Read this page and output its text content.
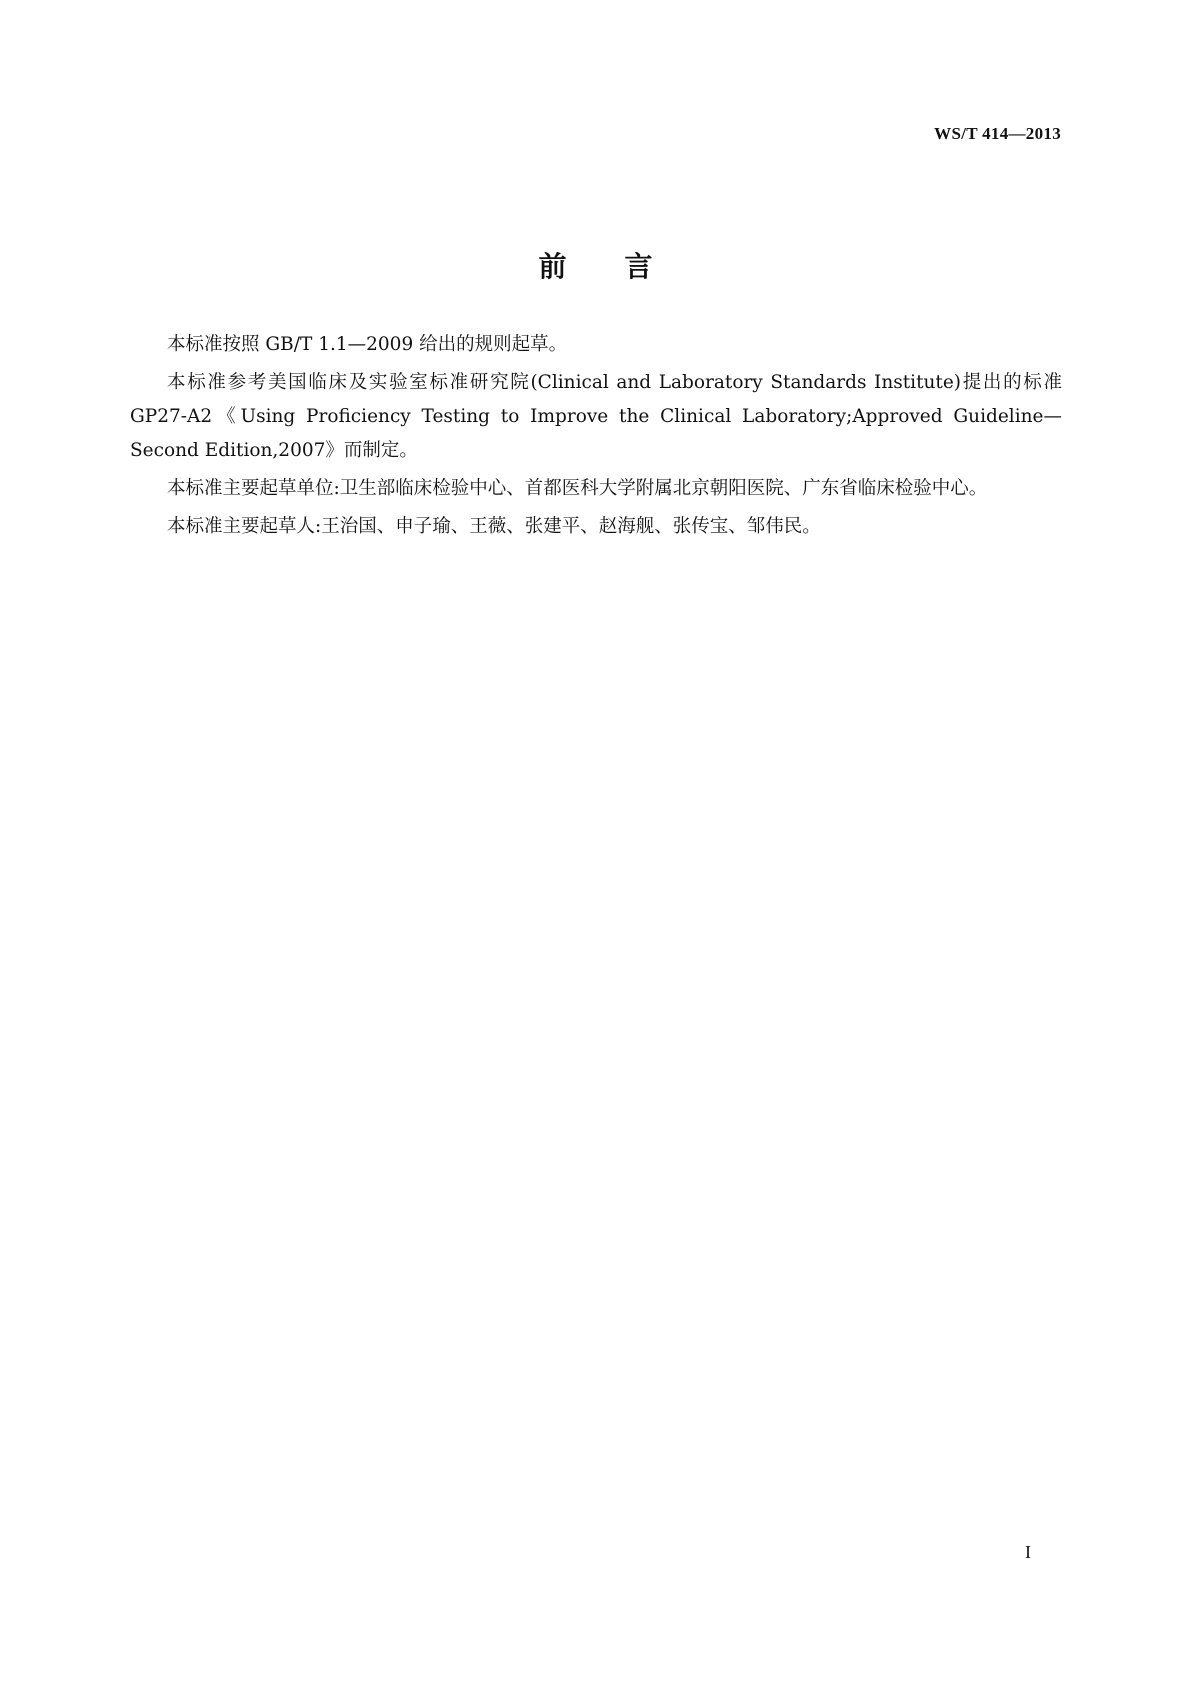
WS/T 414—2013
前言

本标准按照 GB/T 1.1—2009 给出的规则起草。

本标准参考美国临床及实验室标准研究院(Clinical and Laboratory Standards Institute)提出的标准 GP27-A2《Using Proficiency Testing to Improve the Clinical Laboratory;Approved Guideline—Second Edition,2007》而制定。

本标准主要起草单位:卫生部临床检验中心、首都医科大学附属北京朝阳医院、广东省临床检验中心。

本标准主要起草人:王治国、申子瑜、王薇、张建平、赵海舰、张传宝、邹伟民。

I
